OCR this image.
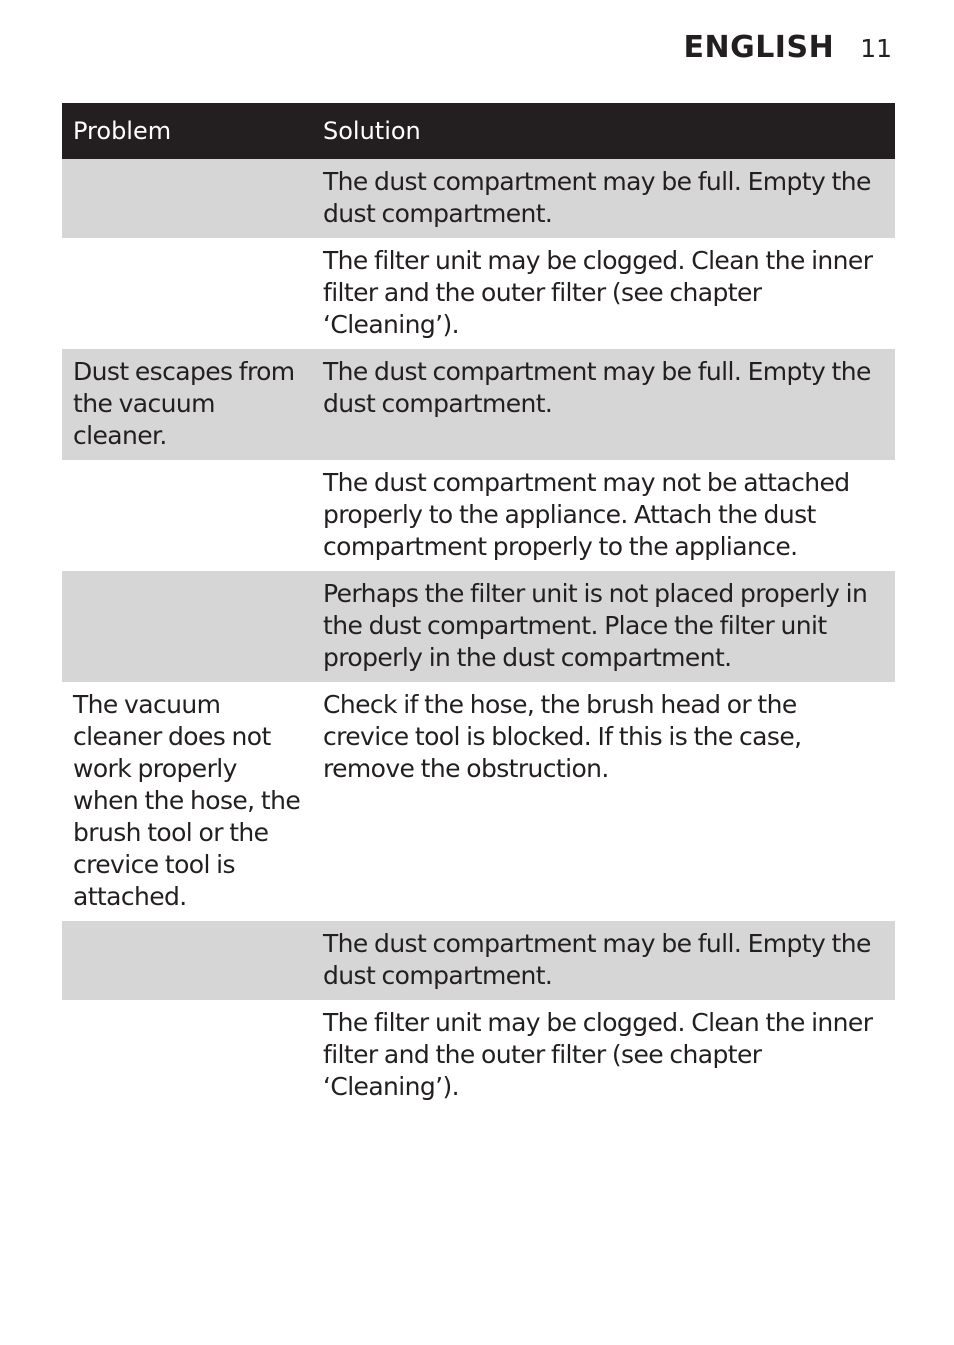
ENGLISH 11
Problem	Solution
	The dust compartment may be full. Empty the dust compartment.
	The filter unit may be clogged. Clean the inner filter and the outer filter (see chapter ‘Cleaning’).
Dust escapes from the vacuum cleaner.	The dust compartment may be full. Empty the dust compartment.
	The dust compartment may not be attached properly to the appliance. Attach the dust compartment properly to the appliance.
	Perhaps the filter unit is not placed properly in the dust compartment. Place the filter unit properly in the dust compartment.
The vacuum cleaner does not work properly when the hose, the brush tool or the crevice tool is attached.	Check if the hose, the brush head or the crevice tool is blocked. If this is the case, remove the obstruction.
	The dust compartment may be full. Empty the dust compartment.
	The filter unit may be clogged. Clean the inner filter and the outer filter (see chapter ‘Cleaning’).
